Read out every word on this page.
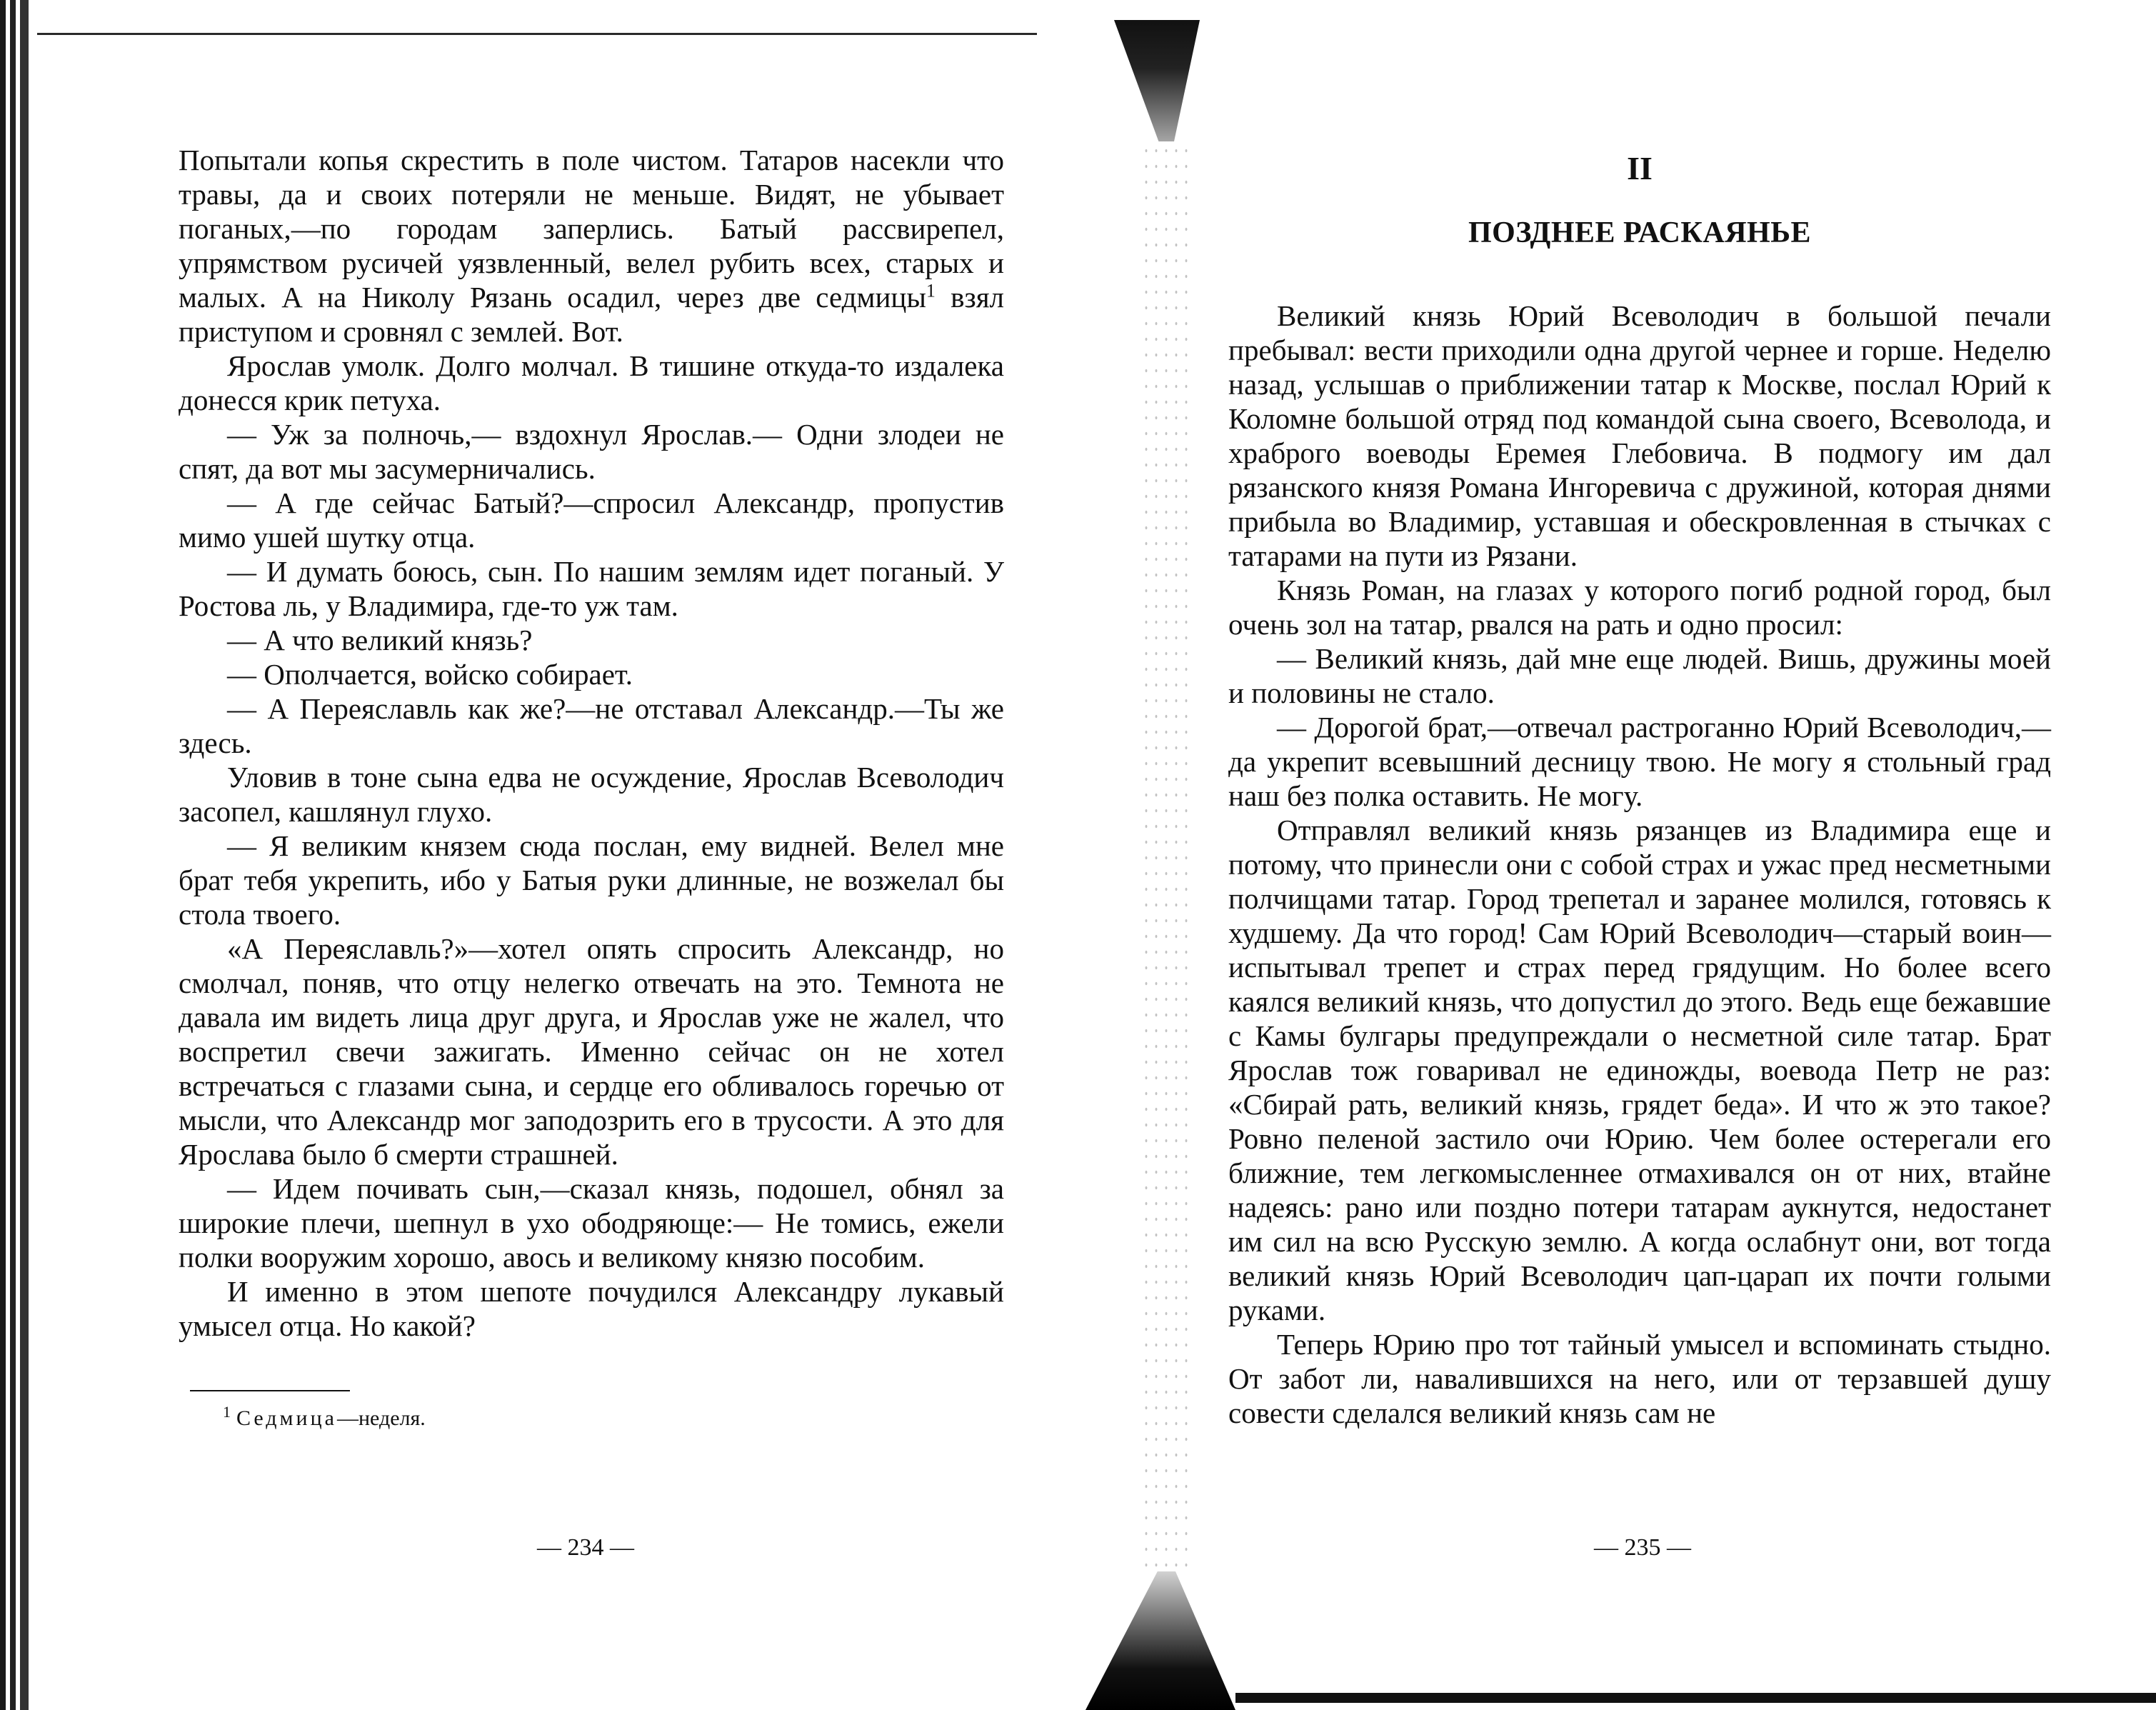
Попытали копья скрестить в поле чистом. Татаров насекли что травы, да и своих потеряли не меньше. Видят, не убывает поганых,—по городам заперлись. Батый рассвирепел, упрямством русичей уязвленный, велел рубить всех, старых и малых. А на Николу Рязань осадил, через две седмицы$^1$ взял приступом и сровнял с землей. Вот.

Ярослав умолк. Долго молчал. В тишине откуда-то издалека донесся крик петуха.

— Уж за полночь,— вздохнул Ярослав.— Одни злодеи не спят, да вот мы засумерничались.

— А где сейчас Батый?—спросил Александр, пропустив мимо ушей шутку отца.

— И думать боюсь, сын. По нашим землям идет поганый. У Ростова ль, у Владимира, где-то уж там.

— А что великий князь?

— Ополчается, войско собирает.

— А Переяславль как же?—не отставал Александр.—Ты же здесь.

Уловив в тоне сына едва не осуждение, Ярослав Всеволодич засопел, кашлянул глухо.

— Я великим князем сюда послан, ему видней. Велел мне брат тебя укрепить, ибо у Батыя руки длинные, не возжелал бы стола твоего.

«А Переяславль?»—хотел опять спросить Александр, но смолчал, поняв, что отцу нелегко отвечать на это. Темнота не давала им видеть лица друг друга, и Ярослав уже не жалел, что воспретил свечи зажигать. Именно сейчас он не хотел встречаться с глазами сына, и сердце его обливалось горечью от мысли, что Александр мог заподозрить его в трусости. А это для Ярослава было б смерти страшней.

— Идем почивать сын,—сказал князь, подошел, обнял за широкие плечи, шепнул в ухо ободряюще:— Не томись, ежели полки вооружим хорошо, авось и великому князю пособим.

И именно в этом шепоте почудился Александру лукавый умысел отца. Но какой?

$^1$ Седмица—неделя.

— 234 —
II
ПОЗДНЕЕ РАСКАЯНЬЕ

Великий князь Юрий Всеволодич в большой печали пребывал: вести приходили одна другой чернее и горше. Неделю назад, услышав о приближении татар к Москве, послал Юрий к Коломне большой отряд под командой сына своего, Всеволода, и храброго воеводы Еремея Глебовича. В подмогу им дал рязанского князя Романа Ингоревича с дружиной, которая днями прибыла во Владимир, уставшая и обескровленная в стычках с татарами на пути из Рязани.

Князь Роман, на глазах у которого погиб родной город, был очень зол на татар, рвался на рать и одно просил:

— Великий князь, дай мне еще людей. Вишь, дружины моей и половины не стало.

— Дорогой брат,—отвечал растроганно Юрий Всеволодич,—да укрепит всевышний десницу твою. Не могу я стольный град наш без полка оставить. Не могу.

Отправлял великий князь рязанцев из Владимира еще и потому, что принесли они с собой страх и ужас пред несметными полчищами татар. Город трепетал и заранее молился, готовясь к худшему. Да что город! Сам Юрий Всеволодич—старый воин—испытывал трепет и страх перед грядущим. Но более всего каялся великий князь, что допустил до этого. Ведь еще бежавшие с Камы булгары предупреждали о несметной силе татар. Брат Ярослав тож говаривал не единожды, воевода Петр не раз: «Сбирай рать, великий князь, грядет беда». И что ж это такое? Ровно пеленой застило очи Юрию. Чем более остерегали его ближние, тем легкомысленнее отмахивался он от них, втайне надеясь: рано или поздно потери татарам аукнутся, недостанет им сил на всю Русскую землю. А когда ослабнут они, вот тогда великий князь Юрий Всеволодич цап-царап их почти голыми руками.

Теперь Юрию про тот тайный умысел и вспоминать стыдно. От забот ли, навалившихся на него, или от терзавшей душу совести сделался великий князь сам не

— 235 —
